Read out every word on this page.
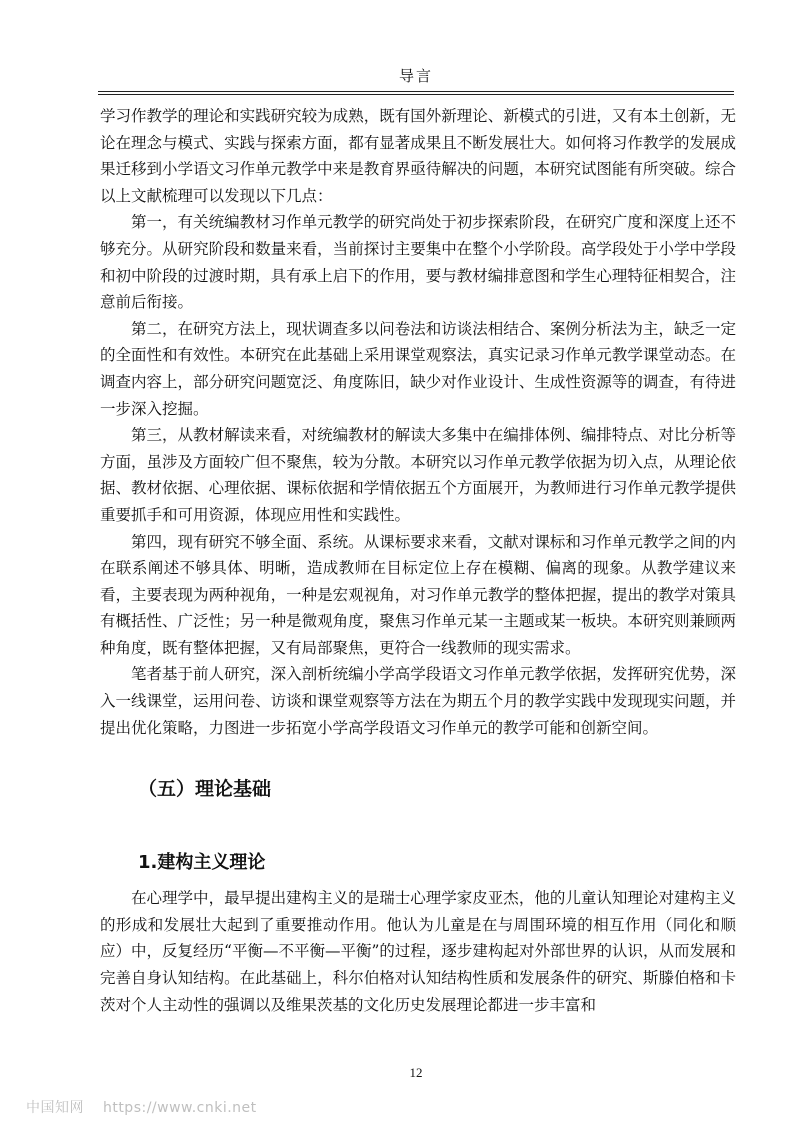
导言

学习作教学的理论和实践研究较为成熟，既有国外新理论、新模式的引进，又有本土创新，无论在理念与模式、实践与探索方面，都有显著成果且不断发展壮大。如何将习作教学的发展成果迁移到小学语文习作单元教学中来是教育界亟待解决的问题，本研究试图能有所突破。综合以上文献梳理可以发现以下几点：

第一，有关统编教材习作单元教学的研究尚处于初步探索阶段，在研究广度和深度上还不够充分。从研究阶段和数量来看，当前探讨主要集中在整个小学阶段。高学段处于小学中学段和初中阶段的过渡时期，具有承上启下的作用，要与教材编排意图和学生心理特征相契合，注意前后衔接。

第二，在研究方法上，现状调查多以问卷法和访谈法相结合、案例分析法为主，缺乏一定的全面性和有效性。本研究在此基础上采用课堂观察法，真实记录习作单元教学课堂动态。在调查内容上，部分研究问题宽泛、角度陈旧，缺少对作业设计、生成性资源等的调查，有待进一步深入挖掘。

第三，从教材解读来看，对统编教材的解读大多集中在编排体例、编排特点、对比分析等方面，虽涉及方面较广但不聚焦，较为分散。本研究以习作单元教学依据为切入点，从理论依据、教材依据、心理依据、课标依据和学情依据五个方面展开，为教师进行习作单元教学提供重要抓手和可用资源，体现应用性和实践性。

第四，现有研究不够全面、系统。从课标要求来看，文献对课标和习作单元教学之间的内在联系阐述不够具体、明晰，造成教师在目标定位上存在模糊、偏离的现象。从教学建议来看，主要表现为两种视角，一种是宏观视角，对习作单元教学的整体把握，提出的教学对策具有概括性、广泛性；另一种是微观角度，聚焦习作单元某一主题或某一板块。本研究则兼顾两种角度，既有整体把握，又有局部聚焦，更符合一线教师的现实需求。

笔者基于前人研究，深入剖析统编小学高学段语文习作单元教学依据，发挥研究优势，深入一线课堂，运用问卷、访谈和课堂观察等方法在为期五个月的教学实践中发现现实问题，并提出优化策略，力图进一步拓宽小学高学段语文习作单元的教学可能和创新空间。

（五）理论基础
1.建构主义理论

在心理学中，最早提出建构主义的是瑞士心理学家皮亚杰，他的儿童认知理论对建构主义的形成和发展壮大起到了重要推动作用。他认为儿童是在与周围环境的相互作用（同化和顺应）中，反复经历“平衡—不平衡—平衡”的过程，逐步建构起对外部世界的认识，从而发展和完善自身认知结构。在此基础上，科尔伯格对认知结构性质和发展条件的研究、斯滕伯格和卡茨对个人主动性的强调以及维果茨基的文化历史发展理论都进一步丰富和

12
中国知网 https://www.cnki.net
